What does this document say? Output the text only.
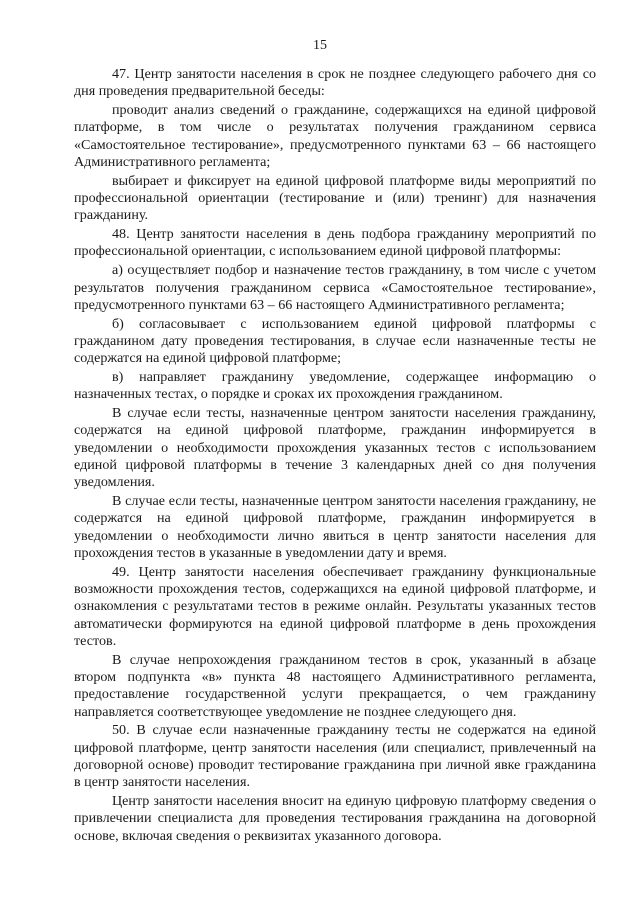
15

47. Центр занятости населения в срок не позднее следующего рабочего дня со дня проведения предварительной беседы:

проводит анализ сведений о гражданине, содержащихся на единой цифровой платформе, в том числе о результатах получения гражданином сервиса «Самостоятельное тестирование», предусмотренного пунктами 63 – 66 настоящего Административного регламента;

выбирает и фиксирует на единой цифровой платформе виды мероприятий по профессиональной ориентации (тестирование и (или) тренинг) для назначения гражданину.

48. Центр занятости населения в день подбора гражданину мероприятий по профессиональной ориентации, с использованием единой цифровой платформы:

а) осуществляет подбор и назначение тестов гражданину, в том числе с учетом результатов получения гражданином сервиса «Самостоятельное тестирование», предусмотренного пунктами 63 – 66 настоящего Административного регламента;

б) согласовывает с использованием единой цифровой платформы с гражданином дату проведения тестирования, в случае если назначенные тесты не содержатся на единой цифровой платформе;

в) направляет гражданину уведомление, содержащее информацию о назначенных тестах, о порядке и сроках их прохождения гражданином.

В случае если тесты, назначенные центром занятости населения гражданину, содержатся на единой цифровой платформе, гражданин информируется в уведомлении о необходимости прохождения указанных тестов с использованием единой цифровой платформы в течение 3 календарных дней со дня получения уведомления.

В случае если тесты, назначенные центром занятости населения гражданину, не содержатся на единой цифровой платформе, гражданин информируется в уведомлении о необходимости лично явиться в центр занятости населения для прохождения тестов в указанные в уведомлении дату и время.

49. Центр занятости населения обеспечивает гражданину функциональные возможности прохождения тестов, содержащихся на единой цифровой платформе, и ознакомления с результатами тестов в режиме онлайн. Результаты указанных тестов автоматически формируются на единой цифровой платформе в день прохождения тестов.

В случае непрохождения гражданином тестов в срок, указанный в абзаце втором подпункта «в» пункта 48 настоящего Административного регламента, предоставление государственной услуги прекращается, о чем гражданину направляется соответствующее уведомление не позднее следующего дня.

50. В случае если назначенные гражданину тесты не содержатся на единой цифровой платформе, центр занятости населения (или специалист, привлеченный на договорной основе) проводит тестирование гражданина при личной явке гражданина в центр занятости населения.

Центр занятости населения вносит на единую цифровую платформу сведения о привлечении специалиста для проведения тестирования гражданина на договорной основе, включая сведения о реквизитах указанного договора.
